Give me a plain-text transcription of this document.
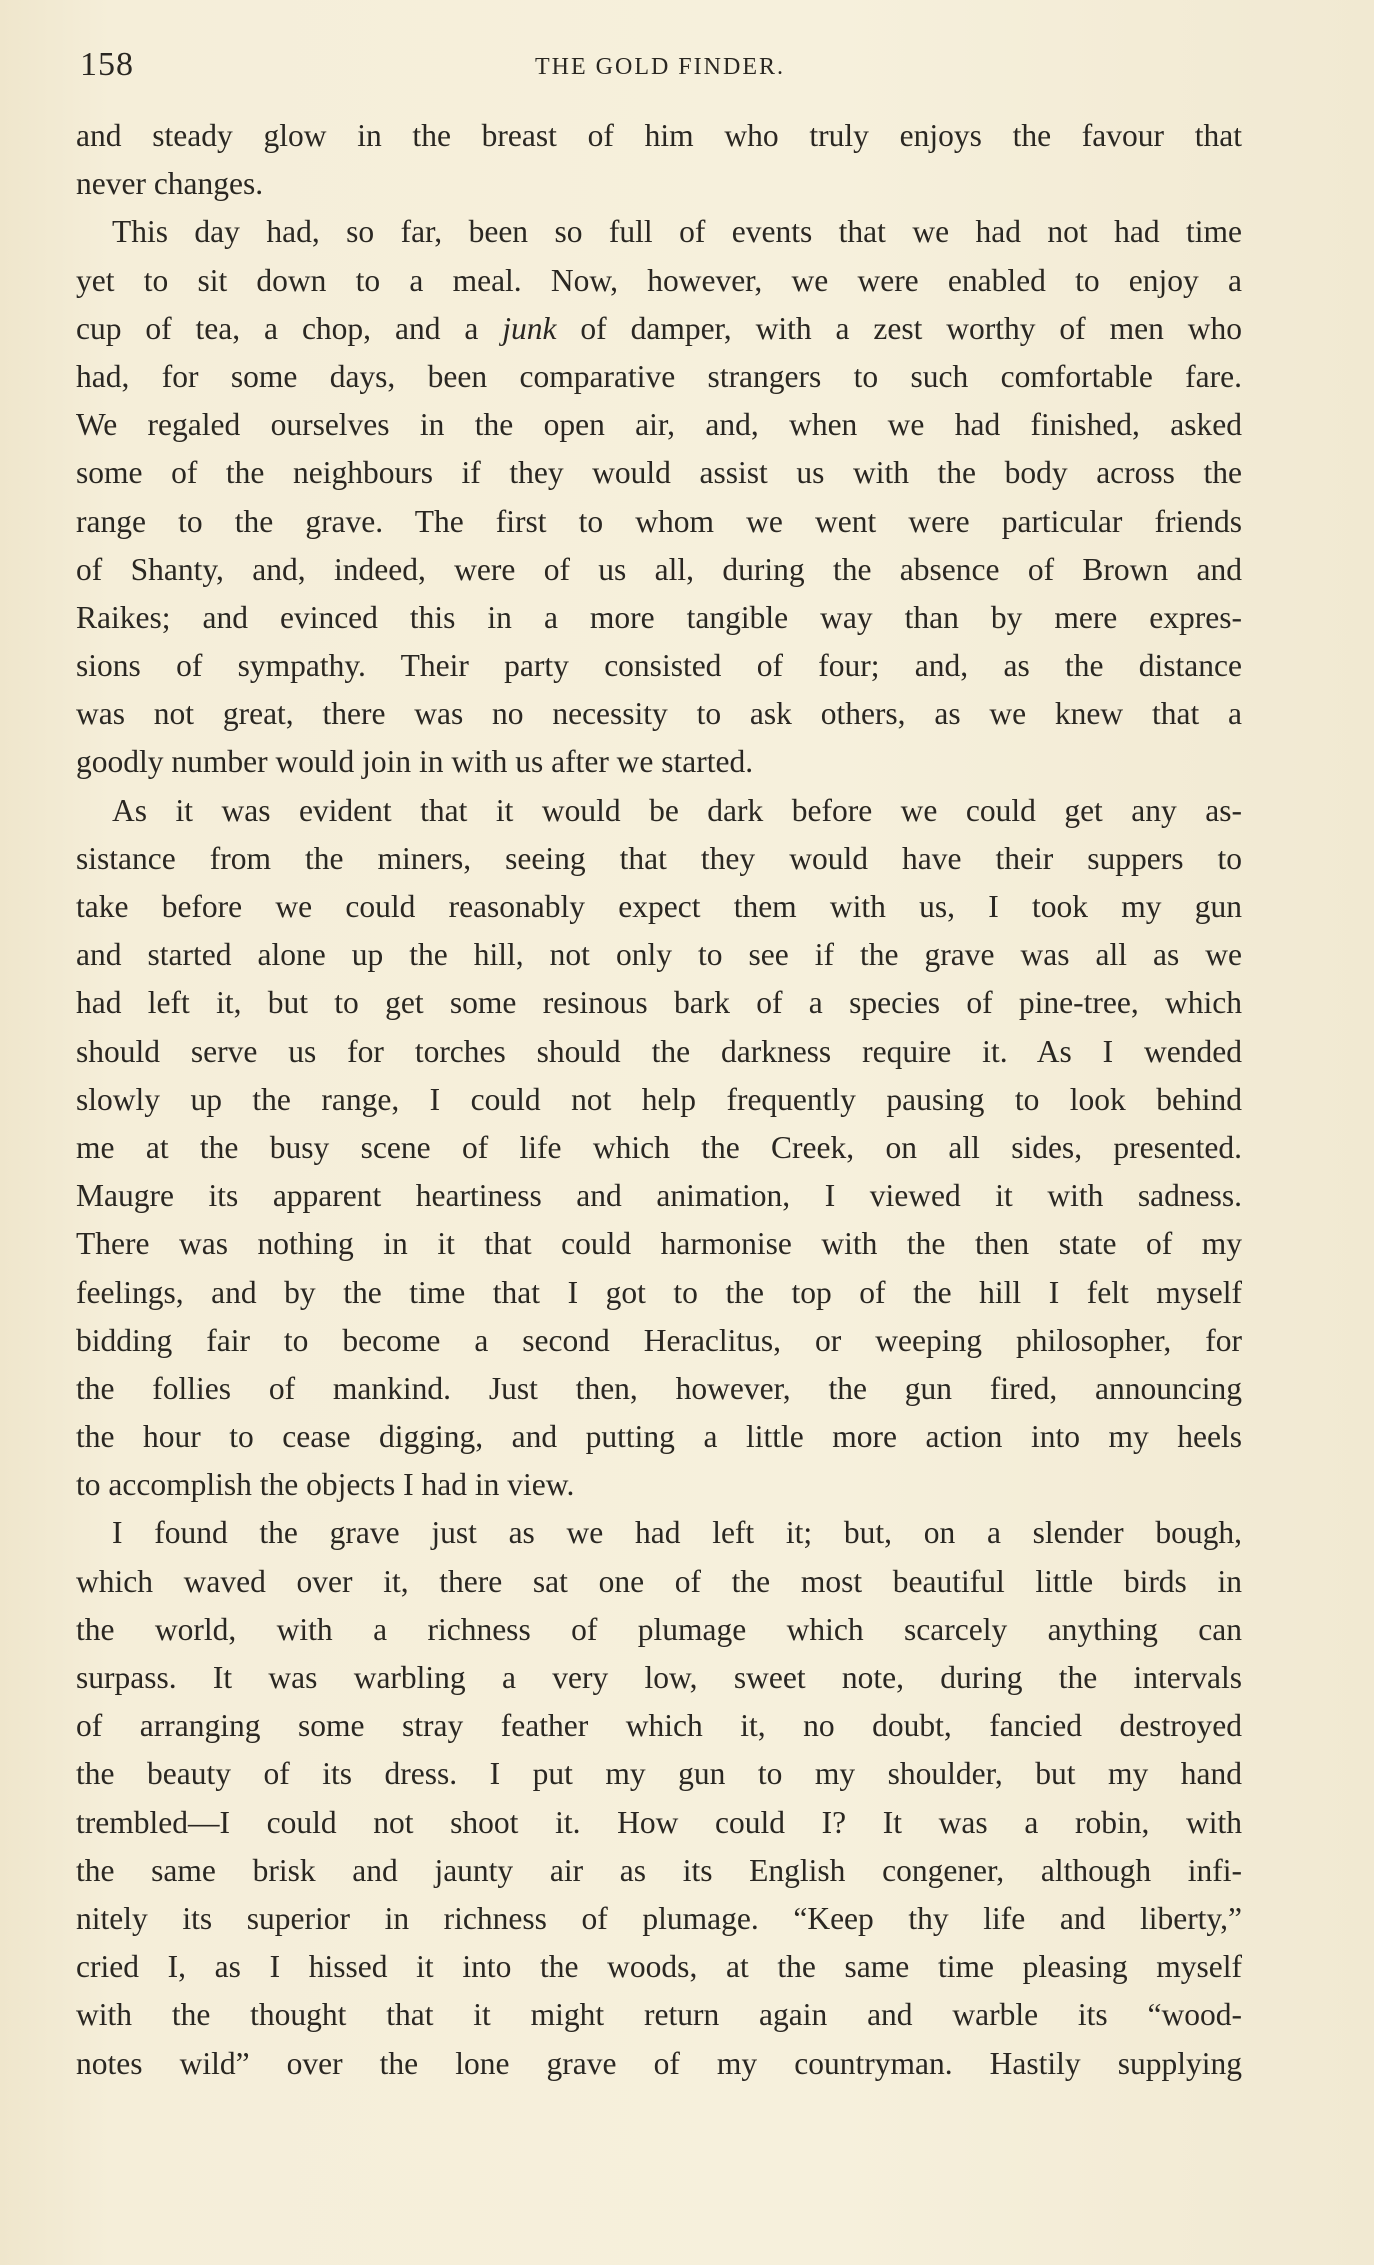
158	THE GOLD FINDER.
and steady glow in the breast of him who truly enjoys the favour that
never changes.
This day had, so far, been so full of events that we had not had time
yet to sit down to a meal. Now, however, we were enabled to enjoy a
cup of tea, a chop, and a junk of damper, with a zest worthy of men who
had, for some days, been comparative strangers to such comfortable fare.
We regaled ourselves in the open air, and, when we had finished, asked
some of the neighbours if they would assist us with the body across the
range to the grave. The first to whom we went were particular friends
of Shanty, and, indeed, were of us all, during the absence of Brown and
Raikes; and evinced this in a more tangible way than by mere expres-
sions of sympathy. Their party consisted of four; and, as the distance
was not great, there was no necessity to ask others, as we knew that a
goodly number would join in with us after we started.
As it was evident that it would be dark before we could get any as-
sistance from the miners, seeing that they would have their suppers to
take before we could reasonably expect them with us, I took my gun
and started alone up the hill, not only to see if the grave was all as we
had left it, but to get some resinous bark of a species of pine-tree, which
should serve us for torches should the darkness require it. As I wended
slowly up the range, I could not help frequently pausing to look behind
me at the busy scene of life which the Creek, on all sides, presented.
Maugre its apparent heartiness and animation, I viewed it with sadness.
There was nothing in it that could harmonise with the then state of my
feelings, and by the time that I got to the top of the hill I felt myself
bidding fair to become a second Heraclitus, or weeping philosopher, for
the follies of mankind. Just then, however, the gun fired, announcing
the hour to cease digging, and putting a little more action into my heels
to accomplish the objects I had in view.
I found the grave just as we had left it; but, on a slender bough,
which waved over it, there sat one of the most beautiful little birds in
the world, with a richness of plumage which scarcely anything can
surpass. It was warbling a very low, sweet note, during the intervals
of arranging some stray feather which it, no doubt, fancied destroyed
the beauty of its dress. I put my gun to my shoulder, but my hand
trembled—I could not shoot it. How could I? It was a robin, with
the same brisk and jaunty air as its English congener, although infi-
nitely its superior in richness of plumage. “Keep thy life and liberty,”
cried I, as I hissed it into the woods, at the same time pleasing myself
with the thought that it might return again and warble its “wood-
notes wild” over the lone grave of my countryman. Hastily supplying
